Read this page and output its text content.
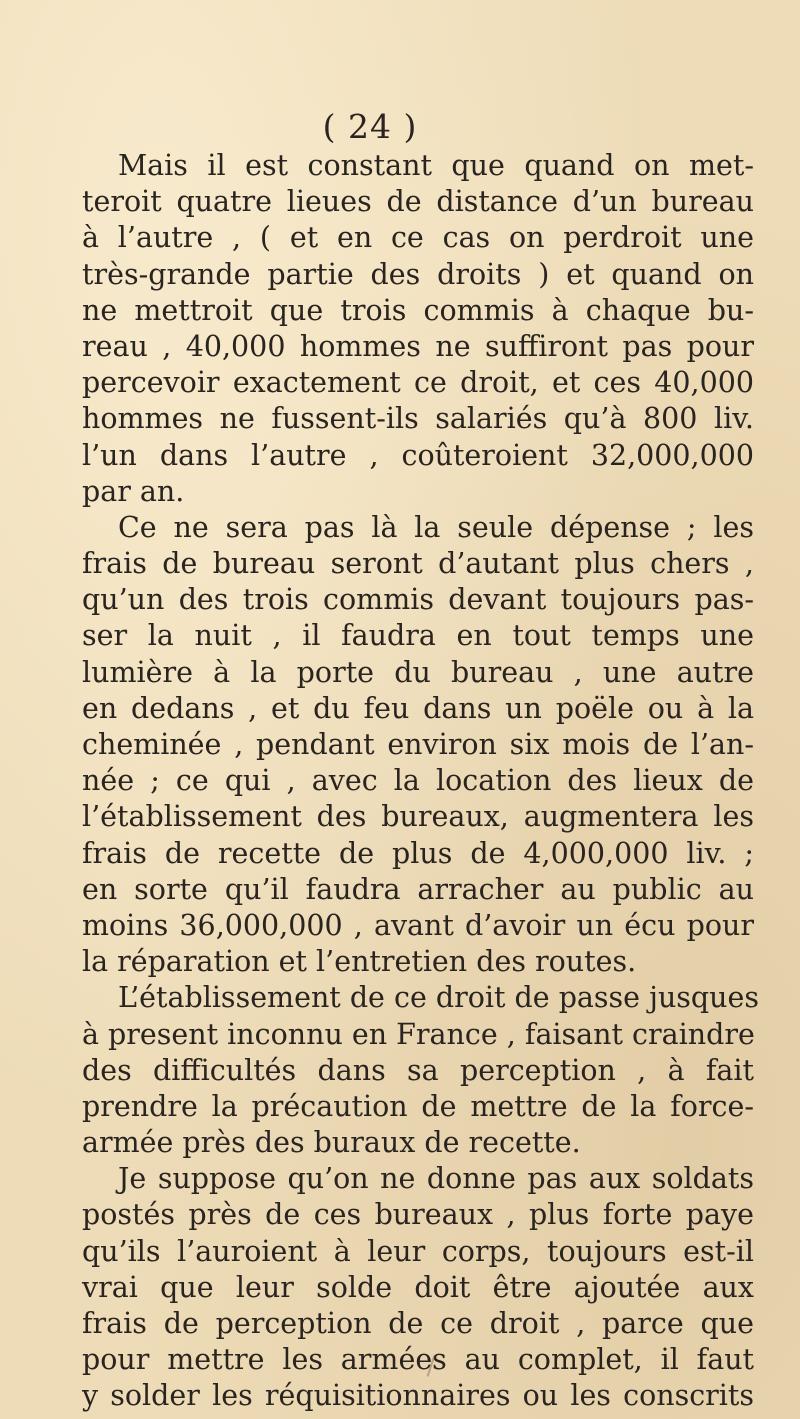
( 24 )
Mais il est constant que quand on met-
teroit quatre lieues de distance d’un bureau
à l’autre , ( et en ce cas on perdroit une
très-grande partie des droits ) et quand on
ne mettroit que trois commis à chaque bu-
reau , 40,000 hommes ne suffiront pas pour
percevoir exactement ce droit, et ces 40,000
hommes ne fussent-ils salariés qu’à 800 liv.
l’un dans l’autre , coûteroient 32,000,000
par an.
Ce ne sera pas là la seule dépense ; les
frais de bureau seront d’autant plus chers ,
qu’un des trois commis devant toujours pas-
ser la nuit , il faudra en tout temps une
lumière à la porte du bureau , une autre
en dedans , et du feu dans un poële ou à la
cheminée , pendant environ six mois de l’an-
née ; ce qui , avec la location des lieux de
l’établissement des bureaux, augmentera les
frais de recette de plus de 4,000,000 liv. ;
en sorte qu’il faudra arracher au public au
moins 36,000,000 , avant d’avoir un écu pour
la réparation et l’entretien des routes.
L’établissement de ce droit de passe jusques
à present inconnu en France , faisant craindre
des difficultés dans sa perception , à fait
prendre la précaution de mettre de la force-
armée près des buraux de recette.
Je suppose qu’on ne donne pas aux soldats
postés près de ces bureaux , plus forte paye
qu’ils l’auroient à leur corps, toujours est-il
vrai que leur solde doit être ajoutée aux
frais de perception de ce droit , parce que
pour mettre les armées au complet, il faut
y solder les réquisitionnaires ou les conscrits
